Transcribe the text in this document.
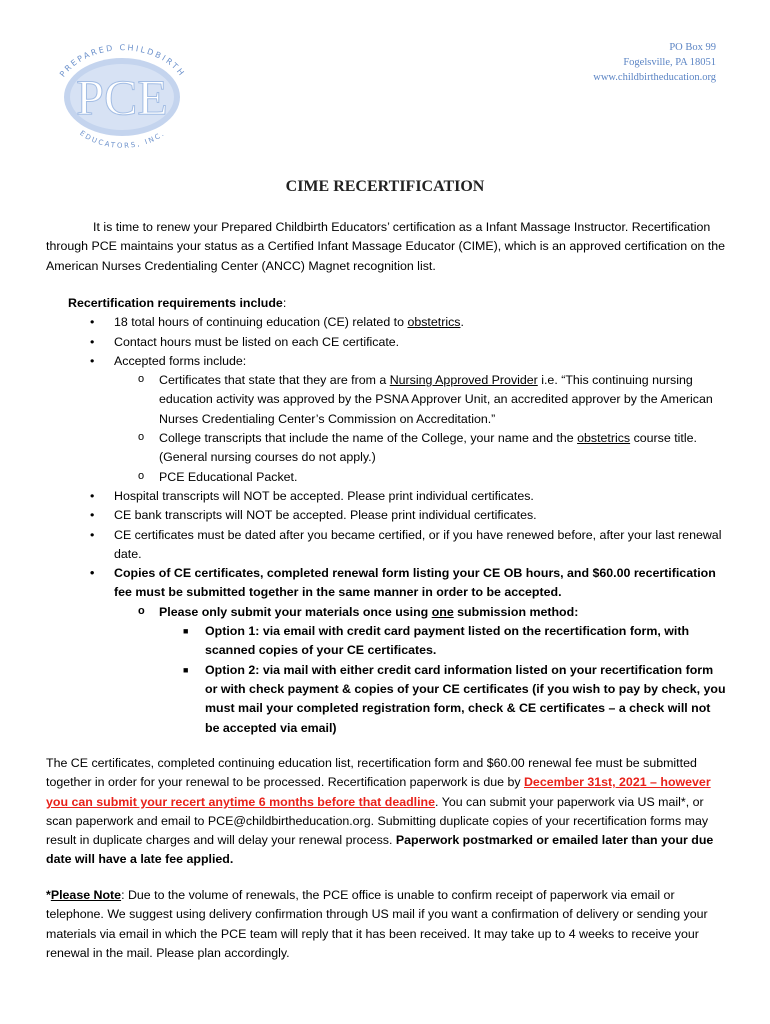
PREPARED CHILDBIRTH
PCE
EDUCATORS, INC.
PO Box 99
Fogelsville, PA 18051
www.childbirtheducation.org
CIME RECERTIFICATION

It is time to renew your Prepared Childbirth Educators’ certification as a Infant Massage Instructor. Recertification through PCE maintains your status as a Certified Infant Massage Educator (CIME), which is an approved certification on the American Nurses Credentialing Center (ANCC) Magnet recognition list.

Recertification requirements include:

• 18 total hours of continuing education (CE) related to obstetrics.
• Contact hours must be listed on each CE certificate.
• Accepted forms include:
o Certificates that state that they are from a Nursing Approved Provider i.e. “This continuing nursing education activity was approved by the PSNA Approver Unit, an accredited approver by the American Nurses Credentialing Center’s Commission on Accreditation.”
o College transcripts that include the name of the College, your name and the obstetrics course title. (General nursing courses do not apply.)
o PCE Educational Packet.
• Hospital transcripts will NOT be accepted. Please print individual certificates.
• CE bank transcripts will NOT be accepted. Please print individual certificates.
• CE certificates must be dated after you became certified, or if you have renewed before, after your last renewal date.
• Copies of CE certificates, completed renewal form listing your CE OB hours, and $60.00 recertification fee must be submitted together in the same manner in order to be accepted.
o Please only submit your materials once using one submission method:
■ Option 1: via email with credit card payment listed on the recertification form, with scanned copies of your CE certificates.
■ Option 2: via mail with either credit card information listed on your recertification form or with check payment & copies of your CE certificates (if you wish to pay by check, you must mail your completed registration form, check & CE certificates – a check will not be accepted via email)

The CE certificates, completed continuing education list, recertification form and $60.00 renewal fee must be submitted together in order for your renewal to be processed. Recertification paperwork is due by December 31st, 2021 – however you can submit your recert anytime 6 months before that deadline. You can submit your paperwork via US mail*, or scan paperwork and email to PCE@childbirtheducation.org. Submitting duplicate copies of your recertification forms may result in duplicate charges and will delay your renewal process. Paperwork postmarked or emailed later than your due date will have a late fee applied.

*Please Note: Due to the volume of renewals, the PCE office is unable to confirm receipt of paperwork via email or telephone. We suggest using delivery confirmation through US mail if you want a confirmation of delivery or sending your materials via email in which the PCE team will reply that it has been received. It may take up to 4 weeks to receive your renewal in the mail. Please plan accordingly.
